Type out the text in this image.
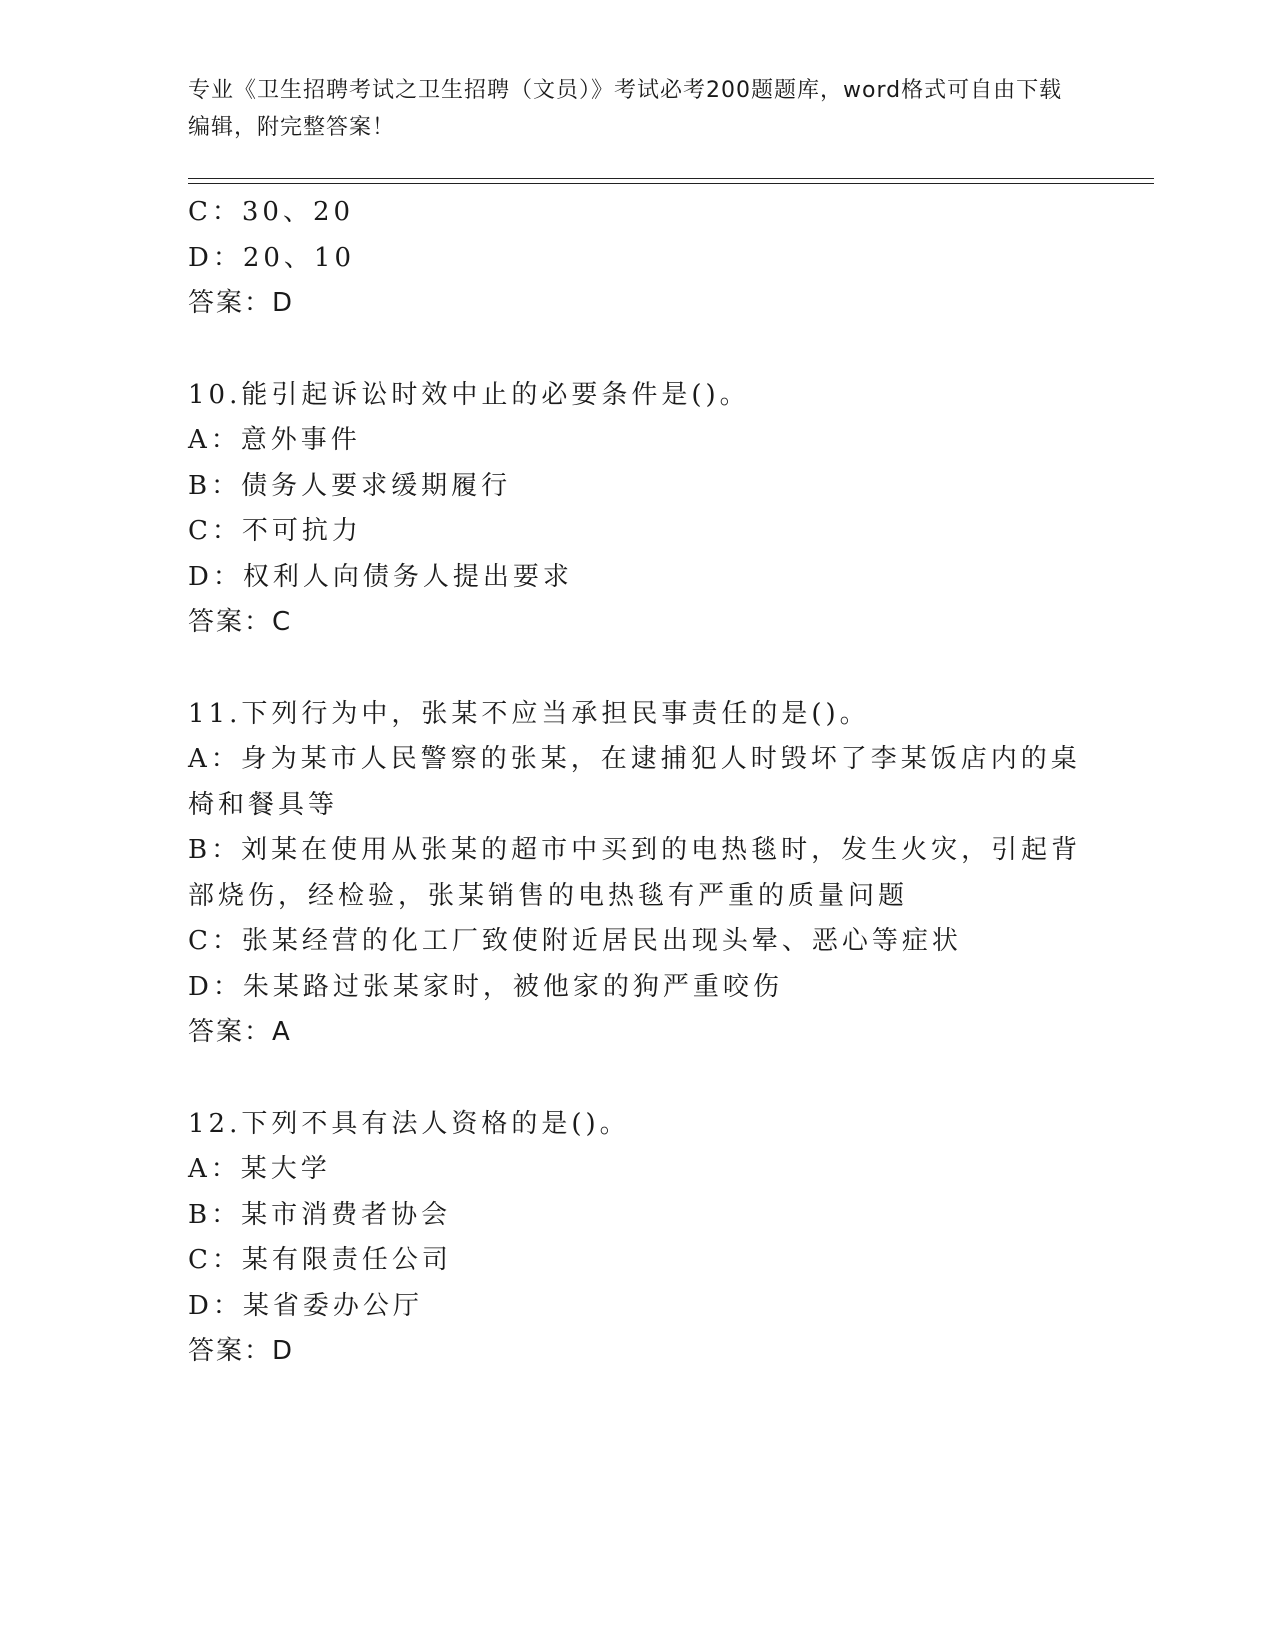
专业《卫生招聘考试之卫生招聘（文员）》考试必考200题题库，word格式可自由下载编辑，附完整答案！
C：30、20
D：20、10
答案：D
10.能引起诉讼时效中止的必要条件是()。
A：意外事件
B：债务人要求缓期履行
C：不可抗力
D：权利人向债务人提出要求
答案：C
11.下列行为中，张某不应当承担民事责任的是()。
A：身为某市人民警察的张某，在逮捕犯人时毁坏了李某饭店内的桌椅和餐具等
B：刘某在使用从张某的超市中买到的电热毯时，发生火灾，引起背部烧伤，经检验，张某销售的电热毯有严重的质量问题
C：张某经营的化工厂致使附近居民出现头晕、恶心等症状
D：朱某路过张某家时，被他家的狗严重咬伤
答案：A
12.下列不具有法人资格的是()。
A：某大学
B：某市消费者协会
C：某有限责任公司
D：某省委办公厅
答案：D
